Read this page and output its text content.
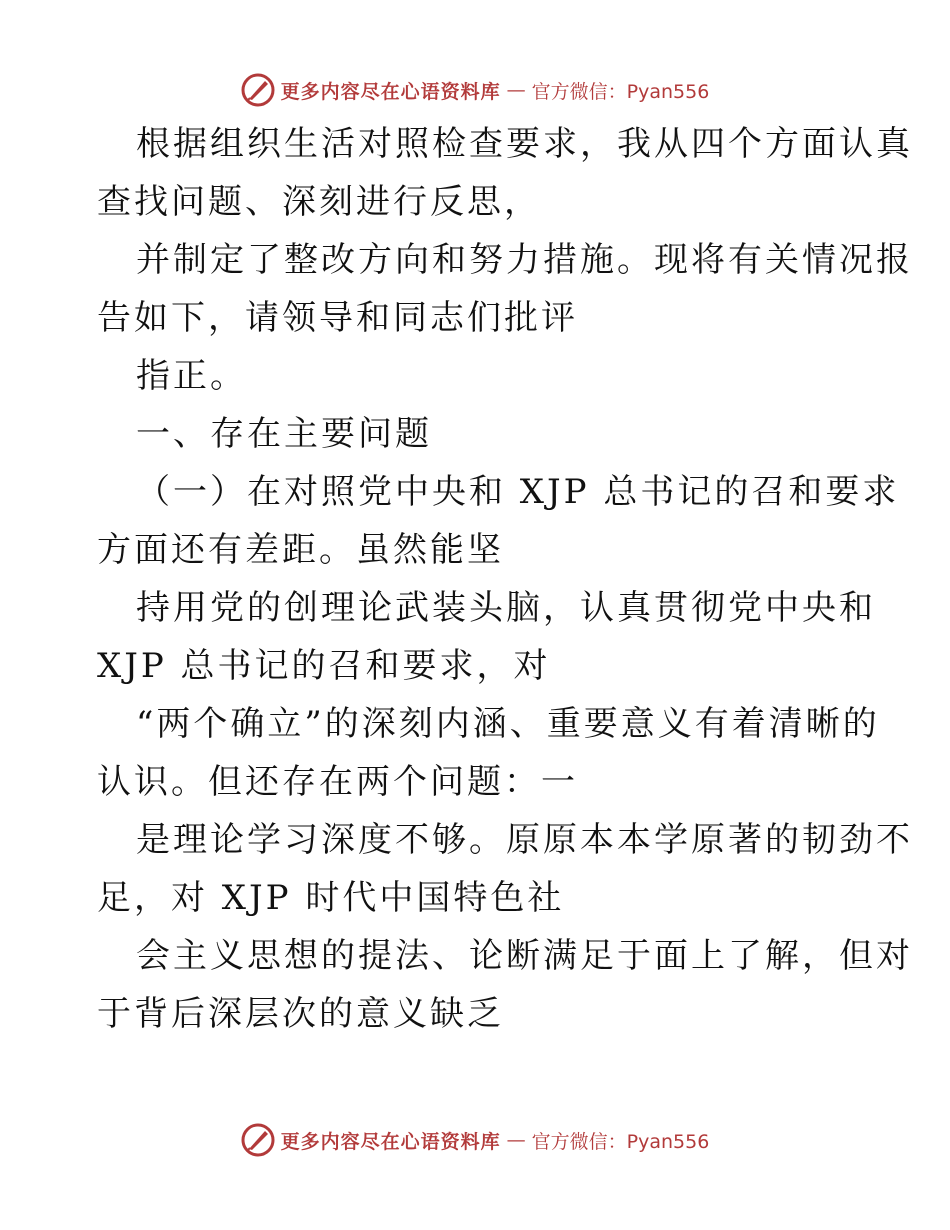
更多内容尽在心语资料库 — 官方微信：Pyan556
根据组织生活对照检查要求，我从四个方面认真
查找问题、深刻进行反思，
并制定了整改方向和努力措施。现将有关情况报
告如下，请领导和同志们批评
指正。
一、存在主要问题
（一）在对照党中央和 XJP 总书记的召和要求
方面还有差距。虽然能坚
持用党的创理论武装头脑，认真贯彻党中央和
XJP 总书记的召和要求，对
“两个确立”的深刻内涵、重要意义有着清晰的
认识。但还存在两个问题：一
是理论学习深度不够。原原本本学原著的韧劲不
足，对 XJP 时代中国特色社
会主义思想的提法、论断满足于面上了解，但对
于背后深层次的意义缺乏
更多内容尽在心语资料库 — 官方微信：Pyan556
